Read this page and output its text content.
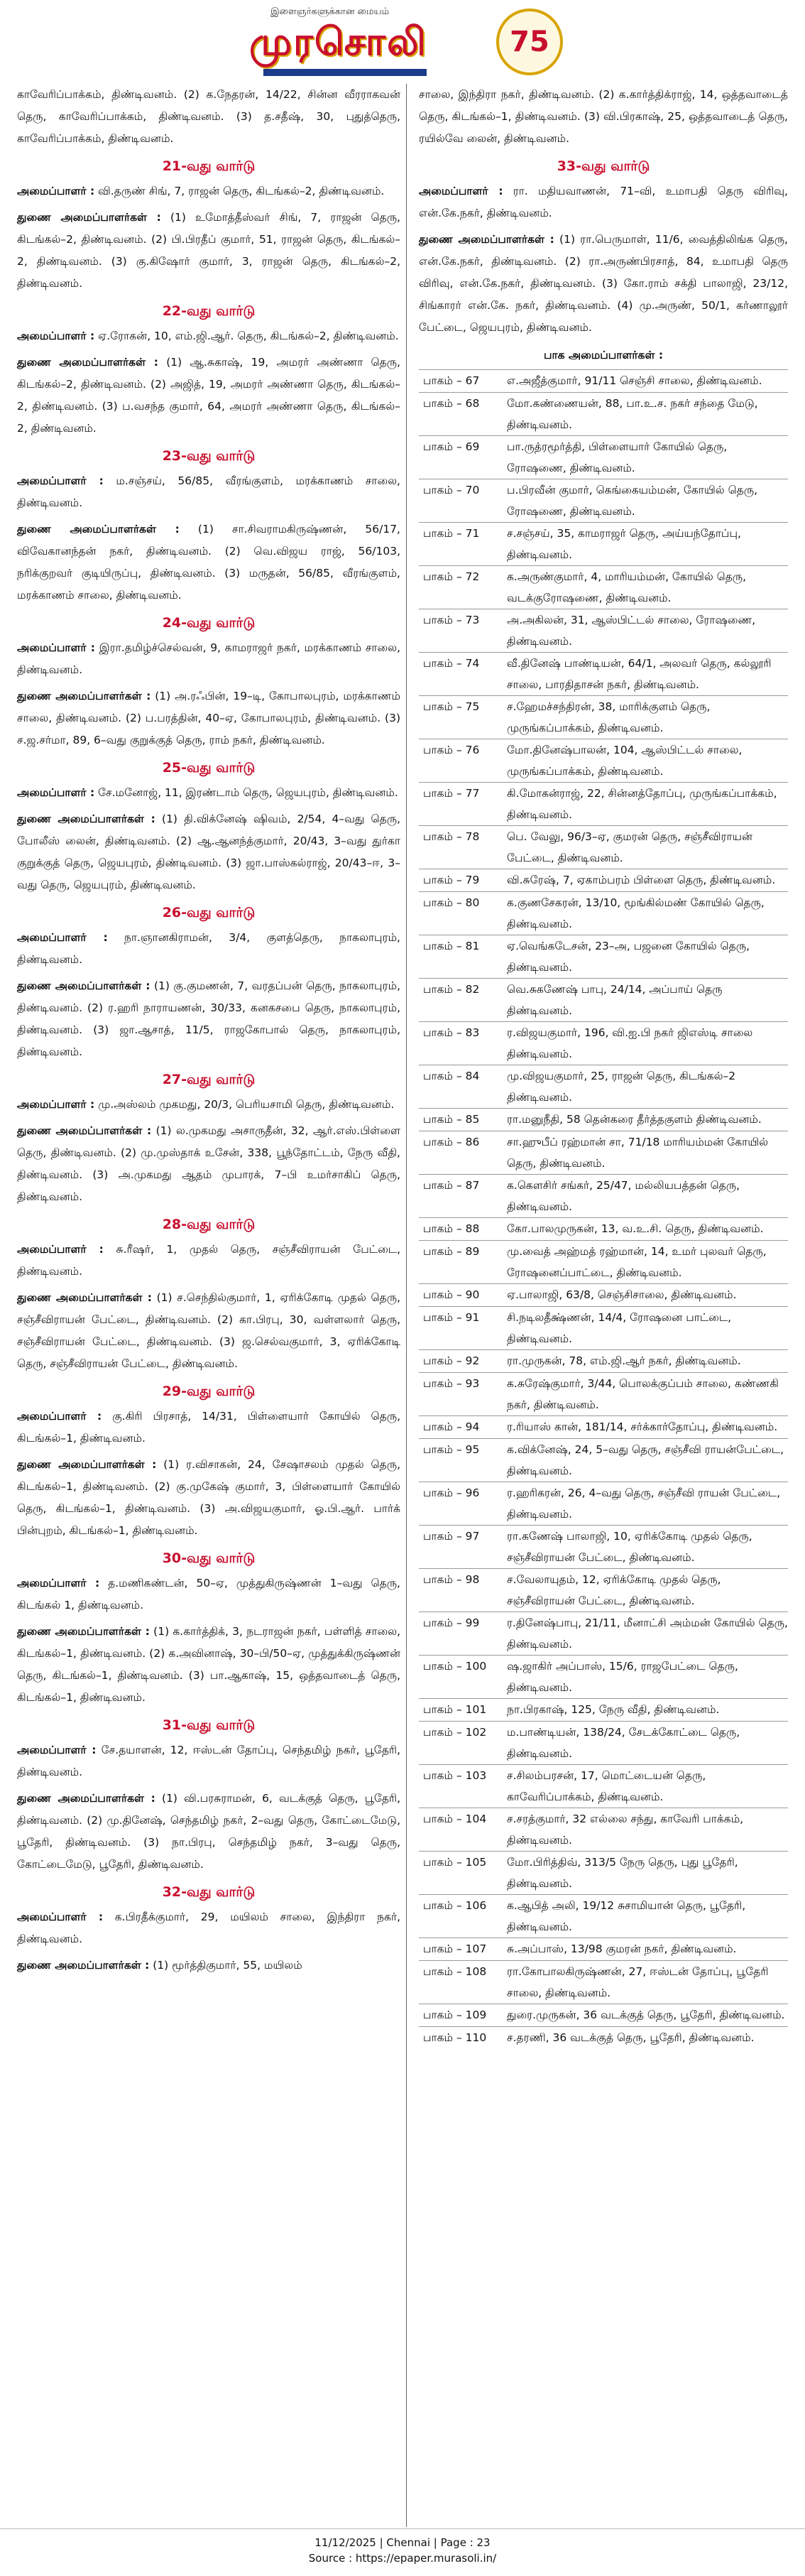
இளைஞர்களுக்கான மையம்
முரசொலி	75

காவேரிப்பாக்கம், திண்டிவனம். (2) க.நேதரன், 14/22, சின்ன வீரராகவன் தெரு, காவேரிப்பாக்கம், திண்டிவனம். (3) த.சதீஷ், 30, புதுத்தெரு, காவேரிப்பாக்கம், திண்டிவனம்.

21-வது வார்டு

அமைப்பாளர் : வி.தருண் சிங், 7, ராஜன் தெரு, கிடங்கல்–2, திண்டிவனம்.

துணை அமைப்பாளர்கள் : (1) உமோத்தீஸ்வர் சிங், 7, ராஜன் தெரு, கிடங்கல்–2, திண்டிவனம். (2) பி.பிரதீப் குமார், 51, ராஜன் தெரு, கிடங்கல்–2, திண்டிவனம். (3) கு.கிஷோர் குமார், 3, ராஜன் தெரு, கிடங்கல்–2, திண்டிவனம்.

22-வது வார்டு

அமைப்பாளர் : ஏ.ரோகன், 10, எம்.ஜி.ஆர். தெரு, கிடங்கல்–2, திண்டிவனம்.

துணை அமைப்பாளர்கள் : (1) ஆ.சுகாஷ், 19, அமரர் அண்ணா தெரு, கிடங்கல்–2, திண்டிவனம். (2) அஜித், 19, அமரர் அண்ணா தெரு, கிடங்கல்–2, திண்டிவனம். (3) ப.வசந்த குமார், 64, அமரர் அண்ணா தெரு, கிடங்கல்–2, திண்டிவனம்.

23-வது வார்டு

அமைப்பாளர் : ம.சஞ்சய், 56/85, வீரங்குளம், மரக்காணம் சாலை, திண்டிவனம்.

துணை அமைப்பாளர்கள் : (1) சா.சிவராமகிருஷ்ணன், 56/17, விவேகானந்தன் நகர், திண்டிவனம். (2) வெ.விஜய ராஜ், 56/103, நரிக்குறவர் குடியிருப்பு, திண்டிவனம். (3) மருதன், 56/85, வீரங்குளம், மரக்காணம் சாலை, திண்டிவனம்.

24-வது வார்டு

அமைப்பாளர் : இரா.தமிழ்ச்செல்வன், 9, காமராஜர் நகர், மரக்காணம் சாலை, திண்டிவனம்.

துணை அமைப்பாளர்கள் : (1) அ.ரஃபின், 19–டி, கோபாலபுரம், மரக்காணம் சாலை, திண்டிவனம். (2) ப.பரத்தின், 40–ஏ, கோபாலபுரம், திண்டிவனம். (3) ச.ஜ.சர்மா, 89, 6–வது குறுக்குத் தெரு, ராம் நகர், திண்டிவனம்.

25-வது வார்டு

அமைப்பாளர் : சே.மனோஜ், 11, இரண்டாம் தெரு, ஜெயபுரம், திண்டிவனம்.

துணை அமைப்பாளர்கள் : (1) தி.விக்னேஷ் ஷிவம், 2/54, 4–வது தெரு, போலீஸ் லைன், திண்டிவனம். (2) ஆ.ஆனந்த்குமார், 20/43, 3–வது துர்கா குறுக்குத் தெரு, ஜெயபுரம், திண்டிவனம். (3) ஜா.பாஸ்கல்ராஜ், 20/43–ஈ, 3–வது தெரு, ஜெயபுரம், திண்டிவனம்.

26-வது வார்டு

அமைப்பாளர் : நா.ஞானகிராமன், 3/4, குளத்தெரு, நாகலாபுரம், திண்டிவனம்.

துணை அமைப்பாளர்கள் : (1) கு.குமணன், 7, வரதப்பன் தெரு, நாகலாபுரம், திண்டிவனம். (2) ர.ஹரி நாராயணன், 30/33, கனகசபை தெரு, நாகலாபுரம், திண்டிவனம். (3) ஜா.ஆசாத், 11/5, ராஜகோபால் தெரு, நாகலாபுரம், திண்டிவனம்.

27-வது வார்டு

அமைப்பாளர் : மு.அஸ்லம் முகமது, 20/3, பெரியசாமி தெரு, திண்டிவனம்.

துணை அமைப்பாளர்கள் : (1) ல.முகமது அசாருதீன், 32, ஆர்.எஸ்.பிள்ளை தெரு, திண்டிவனம். (2) மு.முஸ்தாக் உசேன், 338, பூந்தோட்டம், நேரு வீதி, திண்டிவனம். (3) அ.முகமது ஆதம் முபாரக், 7–பி உமர்சாகிப் தெரு, திண்டிவனம்.

28-வது வார்டு

அமைப்பாளர் : சு.ரீஷர், 1, முதல் தெரு, சஞ்சீவிராயன் பேட்டை, திண்டிவனம்.

துணை அமைப்பாளர்கள் : (1) ச.செந்தில்குமார், 1, ஏரிக்கோடி முதல் தெரு, சஞ்சீவிராயன் பேட்டை, திண்டிவனம். (2) கா.பிரபு, 30, வள்ளலார் தெரு, சஞ்சீவிராயன் பேட்டை, திண்டிவனம். (3) ஜ.செல்வகுமார், 3, ஏரிக்கோடி தெரு, சஞ்சீவிராயன் பேட்டை, திண்டிவனம்.

29-வது வார்டு

அமைப்பாளர் : கு.கிரி பிரசாத், 14/31, பிள்ளையார் கோயில் தெரு, கிடங்கல்–1, திண்டிவனம்.

துணை அமைப்பாளர்கள் : (1) ர.விசாகன், 24, சேஷாசலம் முதல் தெரு, கிடங்கல்–1, திண்டிவனம். (2) கு.முகேஷ் குமார், 3, பிள்ளையார் கோயில் தெரு, கிடங்கல்–1, திண்டிவனம். (3) அ.விஜயகுமார், ஓ.பி.ஆர். பார்க் பின்புறம், கிடங்கல்–1, திண்டிவனம்.

30-வது வார்டு

அமைப்பாளர் : த.மணிகண்டன், 50–ஏ, முத்துகிருஷ்ணன் 1–வது தெரு, கிடங்கல் 1, திண்டிவனம்.

துணை அமைப்பாளர்கள் : (1) க.கார்த்திக், 3, நடராஜன் நகர், பள்ளித் சாலை, கிடங்கல்–1, திண்டிவனம். (2) க.அவினாஷ், 30–பி/50–ஏ, முத்துக்கிருஷ்ணன் தெரு, கிடங்கல்–1, திண்டிவனம். (3) பா.ஆகாஷ், 15, ஒத்தவாடைத் தெரு, கிடங்கல்–1, திண்டிவனம்.

31-வது வார்டு

அமைப்பாளர் : சே.தயாளன், 12, ஈஸ்டன் தோப்பு, செந்தமிழ் நகர், பூதேரி, திண்டிவனம்.

துணை அமைப்பாளர்கள் : (1) வி.பரசுராமன், 6, வடக்குத் தெரு, பூதேரி, திண்டிவனம். (2) மு.தினேஷ், செந்தமிழ் நகர், 2–வது தெரு, கோட்டைமேடு, பூதேரி, திண்டிவனம். (3) நா.பிரபு, செந்தமிழ் நகர், 3–வது தெரு, கோட்டைமேடு, பூதேரி, திண்டிவனம்.

32-வது வார்டு

அமைப்பாளர் : க.பிரதீக்குமார், 29, மயிலம் சாலை, இந்திரா நகர், திண்டிவனம்.

துணை அமைப்பாளர்கள் : (1) மூர்த்திகுமார், 55, மயிலம்

சாலை, இந்திரா நகர், திண்டிவனம். (2) க.கார்த்திக்ராஜ், 14, ஒத்தவாடைத் தெரு, கிடங்கல்–1, திண்டிவனம். (3) வி.பிரகாஷ், 25, ஒத்தவாடைத் தெரு, ரயில்வே லைன், திண்டிவனம்.

33-வது வார்டு

அமைப்பாளர் : ரா. மதியவாணன், 71–வி, உமாபதி தெரு விரிவு, என்.கே.நகர், திண்டிவனம்.

துணை அமைப்பாளர்கள் : (1) ரா.பெருமாள், 11/6, வைத்திலிங்க தெரு, என்.கே.நகர், திண்டிவனம். (2) ரா.அருண்பிரசாத், 84, உமாபதி தெரு விரிவு, என்.கே.நகர், திண்டிவனம். (3) கோ.ராம் சக்தி பாலாஜி, 23/12, சிங்காரர் என்.கே. நகர், திண்டிவனம். (4) மு.அருண், 50/1, கர்ணாலூர் பேட்டை, ஜெயபுரம், திண்டிவனம்.

பாக அமைப்பாளர்கள் :
பாகம் – 67	எ.அஜீத்குமார், 91/11 செஞ்சி சாலை, திண்டிவனம்.
பாகம் – 68	மோ.கண்ணையன், 88, பா.உ.ச. நகர் சந்தை மேடு, திண்டிவனம்.
பாகம் – 69	பா.ருத்ரமூர்த்தி, பிள்ளையார் கோயில் தெரு, ரோஷணை, திண்டிவனம்.
பாகம் – 70	ப.பிரவீன் குமார், கெங்கையம்மன், கோயில் தெரு, ரோஷணை, திண்டிவனம்.
பாகம் – 71	ச.சஞ்சய், 35, காமராஜர் தெரு, அய்யந்தோப்பு, திண்டிவனம்.
பாகம் – 72	க.அருண்குமார், 4, மாரியம்மன், கோயில் தெரு, வடக்குரோஷணை, திண்டிவனம்.
பாகம் – 73	அ.அகிலன், 31, ஆஸ்பிட்டல் சாலை, ரோஷணை, திண்டிவனம்.
பாகம் – 74	வீ.தினேஷ் பாண்டியன், 64/1, அலவர் தெரு, கல்லூரி சாலை, பாரதிதாசன் நகர், திண்டிவனம்.
பாகம் – 75	ச.ஹேமச்சந்திரன், 38, மாரிக்குளம் தெரு, முருங்கப்பாக்கம், திண்டிவனம்.
பாகம் – 76	மோ.தினேஷ்பாலன், 104, ஆஸ்பிட்டல் சாலை, முருங்கப்பாக்கம், திண்டிவனம்.
பாகம் – 77	கி.மோகன்ராஜ், 22, சின்னத்தோப்பு, முருங்கப்பாக்கம், திண்டிவனம்.
பாகம் – 78	பெ. வேலு, 96/3–ஏ, குமரன் தெரு, சஞ்சீவிராயன் பேட்டை, திண்டிவனம்.
பாகம் – 79	வி.சுரேஷ், 7, ஏகாம்பரம் பிள்ளை தெரு, திண்டிவனம்.
பாகம் – 80	க.குணசேகரன், 13/10, மூங்கில்மண் கோயில் தெரு, திண்டிவனம்.
பாகம் – 81	ஏ.வெங்கடேசன், 23–அ, பஜனை கோயில் தெரு, திண்டிவனம்.
பாகம் – 82	வெ.சுகணேஷ் பாபு, 24/14, அப்பாய் தெரு திண்டிவனம்.
பாகம் – 83	ர.விஜயகுமார், 196, வி.ஐ.பி நகர் ஜிஎஸ்டி சாலை திண்டிவனம்.
பாகம் – 84	மு.விஜயகுமார், 25, ராஜன் தெரு, கிடங்கல்–2 திண்டிவனம்.
பாகம் – 85	ரா.மனுநீதி, 58 தென்கரை தீர்த்தகுளம் திண்டிவனம்.
பாகம் – 86	சா.ஹுபீப் ரஹ்மான் சா, 71/18 மாரியம்மன் கோயில் தெரு, திண்டிவனம்.
பாகம் – 87	க.கௌசிர் சங்கர், 25/47, மல்லியபத்தன் தெரு, திண்டிவனம்.
பாகம் – 88	கோ.பாலமுருகன், 13, வ.உ.சி. தெரு, திண்டிவனம்.
பாகம் – 89	மு.வைத் அஹ்மத் ரஹ்மான், 14, உமர் புலவர் தெரு, ரோஷனைப்பாட்டை, திண்டிவனம்.
பாகம் – 90	ஏ.பாலாஜி, 63/8, செஞ்சிசாலை, திண்டிவனம்.
பாகம் – 91	சி.நடிலதீக்ஷ்ணன், 14/4, ரோஷனை பாட்டை, திண்டிவனம்.
பாகம் – 92	ரா.முருகன், 78, எம்.ஜி.ஆர் நகர், திண்டிவனம்.
பாகம் – 93	க.சுரேஷ்குமார், 3/44, பொலக்குப்பம் சாலை, கண்ணகி நகர், திண்டிவனம்.
பாகம் – 94	ர.ரியாஸ் கான், 181/14, சர்க்கார்தோப்பு, திண்டிவனம்.
பாகம் – 95	க.விக்னேஷ், 24, 5–வது தெரு, சஞ்சீவி ராயன்பேட்டை, திண்டிவனம்.
பாகம் – 96	ர.ஹரிகரன், 26, 4–வது தெரு, சஞ்சீவி ராயன் பேட்டை, திண்டிவனம்.
பாகம் – 97	ரா.கணேஷ் பாலாஜி, 10, ஏரிக்கோடி முதல் தெரு, சஞ்சீவிராயன் பேட்டை, திண்டிவனம்.
பாகம் – 98	ச.வேலாயுதம், 12, ஏரிக்கோடி முதல் தெரு, சஞ்சீவிராயன் பேட்டை, திண்டிவனம்.
பாகம் – 99	ர.தினேஷ்பாபு, 21/11, மீனாட்சி அம்மன் கோயில் தெரு, திண்டிவனம்.
பாகம் – 100	ஷ.ஜாகிர் அப்பாஸ், 15/6, ராஜபேட்டை தெரு, திண்டிவனம்.
பாகம் – 101	நா.பிரகாஷ், 125, நேரு வீதி, திண்டிவனம்.
பாகம் – 102	ம.பாண்டியன், 138/24, சேடக்கோட்டை தெரு, திண்டிவனம்.
பாகம் – 103	ச.சிலம்பரசன், 17, மொட்டையன் தெரு, காவேரிப்பாக்கம், திண்டிவனம்.
பாகம் – 104	ச.சரத்குமார், 32 எல்லை சந்து, காவேரி பாக்கம், திண்டிவனம்.
பாகம் – 105	மோ.பிரித்திவ், 313/5 நேரு தெரு, புது பூதேரி, திண்டிவனம்.
பாகம் – 106	க.ஆபித் அலி, 19/12 சுசாமியான் தெரு, பூதேரி, திண்டிவனம்.
பாகம் – 107	சு.அப்பாஸ், 13/98 குமரன் நகர், திண்டிவனம்.
பாகம் – 108	ரா.கோபாலகிருஷ்ணன், 27, ஈஸ்டன் தோப்பு, பூதேரி சாலை, திண்டிவனம்.
பாகம் – 109	துரை.முருகன், 36 வடக்குத் தெரு, பூதேரி, திண்டிவனம்.
பாகம் – 110	ச.தரணி, 36 வடக்குத் தெரு, பூதேரி, திண்டிவனம்.
11/12/2025 | Chennai | Page : 23
Source : https://epaper.murasoli.in/
